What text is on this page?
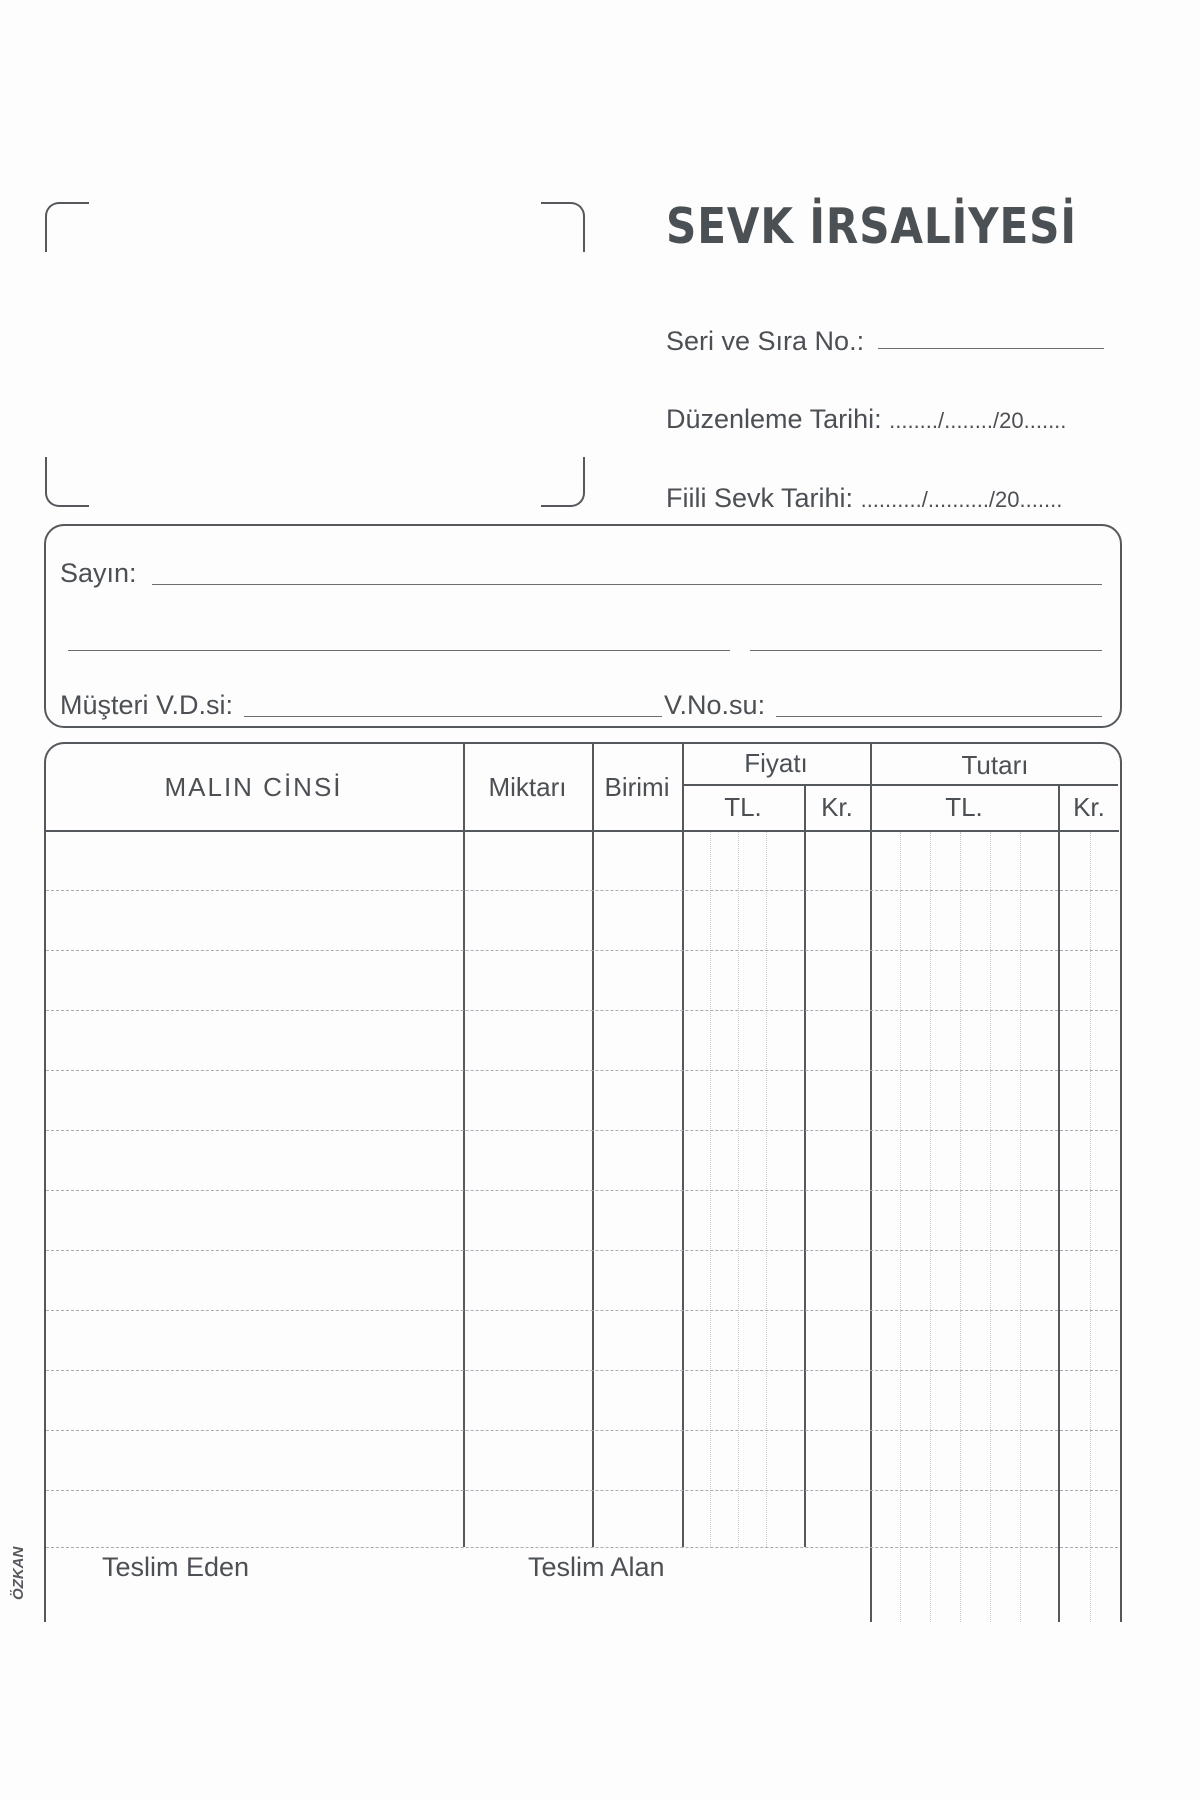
SEVK İRSALİYESİ
Seri ve Sıra No.:
Düzenleme Tarihi: ......../......../20.......
Fiili Sevk Tarihi: ........../........../20.......
Sayın:
Müşteri V.D.si:	V.No.su:
MALIN CİNSİ	Miktarı	Birimi
Fiyatı	Tutarı
TL.	Kr.	TL.	Kr.
Teslim Eden	Teslim Alan
ÖZKAN
